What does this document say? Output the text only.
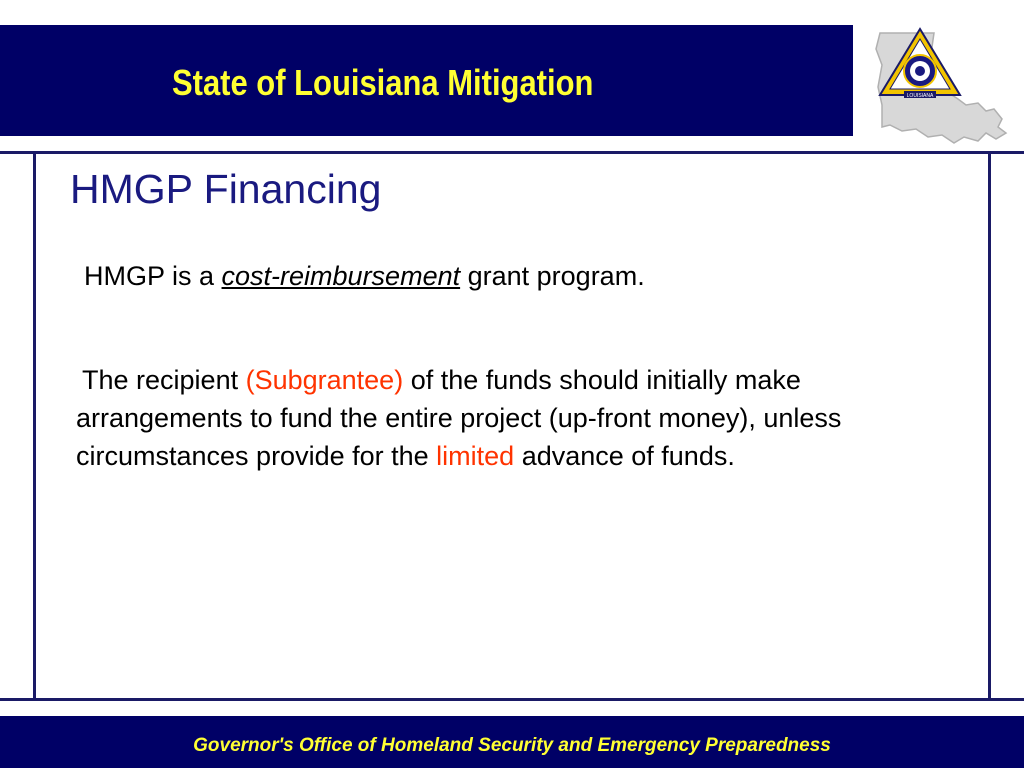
State of Louisiana Mitigation	LOUISIANA
HMGP Financing
HMGP is a cost-reimbursement grant program.
The recipient (Subgrantee) of the funds should initially make arrangements to fund the entire project (up-front money), unless circumstances provide for the limited advance of funds.
Governor's Office of Homeland Security and Emergency Preparedness
